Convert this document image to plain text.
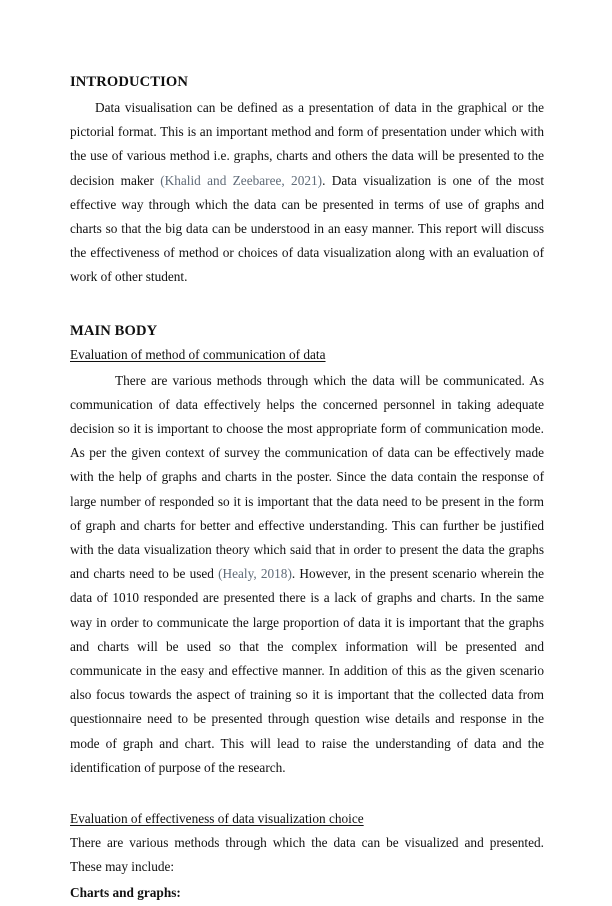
INTRODUCTION

Data visualisation can be defined as a presentation of data in the graphical or the pictorial format. This is an important method and form of presentation under which with the use of various method i.e. graphs, charts and others the data will be presented to the decision maker (Khalid and Zeebaree, 2021). Data visualization is one of the most effective way through which the data can be presented in terms of use of graphs and charts so that the big data can be understood in an easy manner. This report will discuss the effectiveness of method or choices of data visualization along with an evaluation of work of other student.

MAIN BODY
Evaluation of method of communication of data

There are various methods through which the data will be communicated. As communication of data effectively helps the concerned personnel in taking adequate decision so it is important to choose the most appropriate form of communication mode. As per the given context of survey the communication of data can be effectively made with the help of graphs and charts in the poster. Since the data contain the response of large number of responded so it is important that the data need to be present in the form of graph and charts for better and effective understanding. This can further be justified with the data visualization theory which said that in order to present the data the graphs and charts need to be used (Healy, 2018). However, in the present scenario wherein the data of 1010 responded are presented there is a lack of graphs and charts. In the same way in order to communicate the large proportion of data it is important that the graphs and charts will be used so that the complex information will be presented and communicate in the easy and effective manner. In addition of this as the given scenario also focus towards the aspect of training so it is important that the collected data from questionnaire need to be presented through question wise details and response in the mode of graph and chart. This will lead to raise the understanding of data and the identification of purpose of the research.

Evaluation of effectiveness of data visualization choice

There are various methods through which the data can be visualized and presented. These may include:

Charts and graphs:
